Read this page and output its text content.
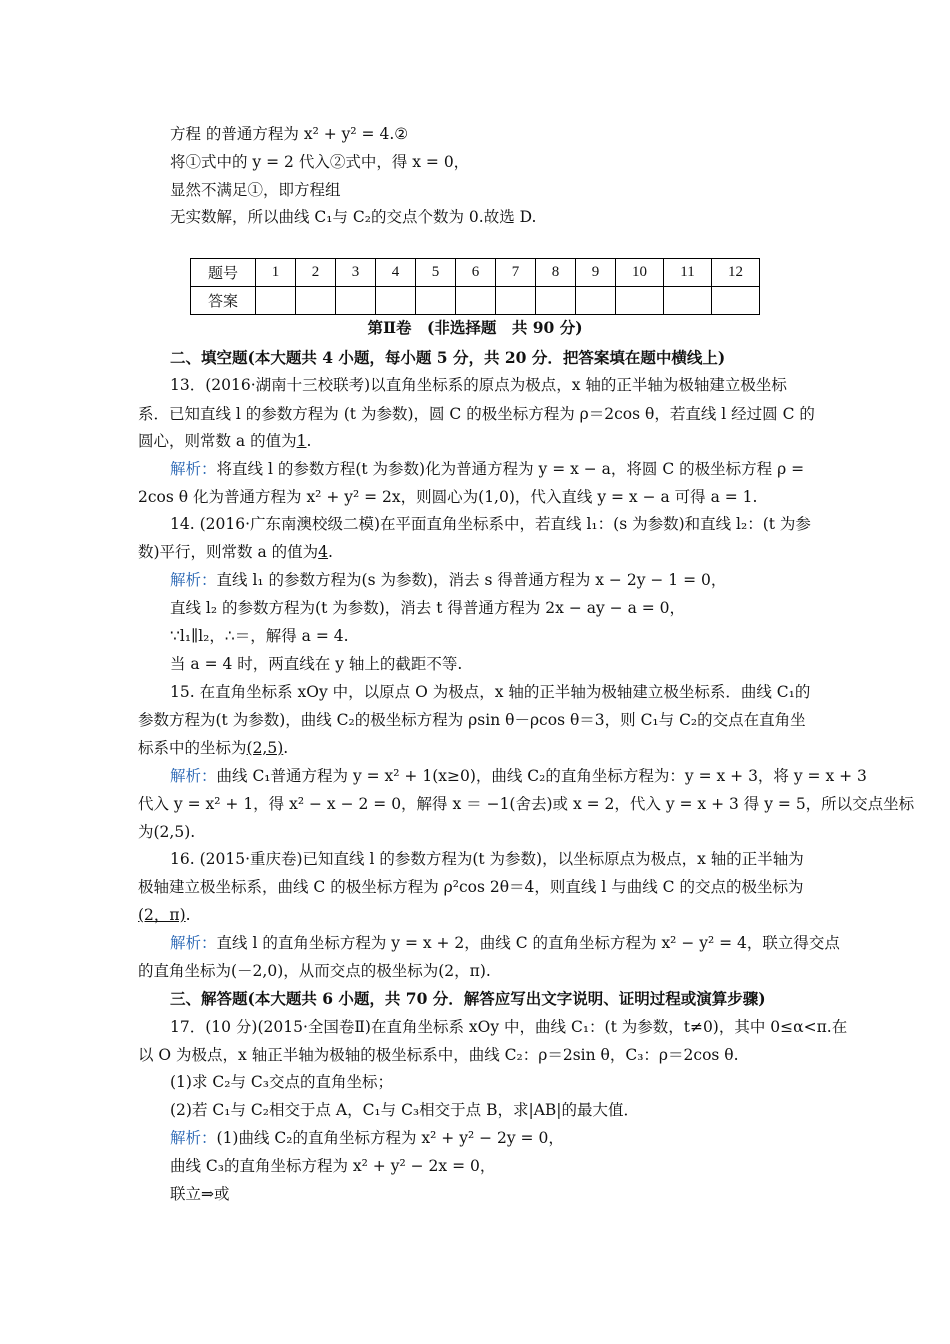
方程 的普通方程为 x² + y² = 4.②
将①式中的 y = 2 代入②式中，得 x = 0，
显然不满足①，即方程组
无实数解，所以曲线 C₁与 C₂的交点个数为 0.故选 D.
题号	1	2	3	4	5	6	7	8	9	10	11	12
答案												
第Ⅱ卷　(非选择题　共 90 分)
二、填空题(本大题共 4 小题，每小题 5 分，共 20 分．把答案填在题中横线上)
13．(2016·湖南十三校联考)以直角坐标系的原点为极点，x 轴的正半轴为极轴建立极坐标
系．已知直线 l 的参数方程为 (t 为参数)，圆 C 的极坐标方程为 ρ＝2cos θ，若直线 l 经过圆 C 的
圆心，则常数 a 的值为1.
解析：将直线 l 的参数方程(t 为参数)化为普通方程为 y = x − a，将圆 C 的极坐标方程 ρ =
2cos θ 化为普通方程为 x² + y² = 2x，则圆心为(1,0)，代入直线 y = x − a 可得 a = 1.
14. (2016·广东南澳校级二模)在平面直角坐标系中，若直线 l₁：(s 为参数)和直线 l₂：(t 为参
数)平行，则常数 a 的值为4.
解析：直线 l₁ 的参数方程为(s 为参数)，消去 s 得普通方程为 x − 2y − 1 = 0，
直线 l₂ 的参数方程为(t 为参数)，消去 t 得普通方程为 2x − ay − a = 0，
∵l₁∥l₂，∴＝，解得 a = 4.
当 a = 4 时，两直线在 y 轴上的截距不等.
15. 在直角坐标系 xOy 中，以原点 O 为极点，x 轴的正半轴为极轴建立极坐标系．曲线 C₁的
参数方程为(t 为参数)，曲线 C₂的极坐标方程为 ρsin θ－ρcos θ＝3，则 C₁与 C₂的交点在直角坐
标系中的坐标为(2,5).
解析：曲线 C₁普通方程为 y = x² + 1(x≥0)，曲线 C₂的直角坐标方程为：y = x + 3，将 y = x + 3
代入 y = x² + 1，得 x² − x − 2 = 0，解得 x ＝ −1(舍去)或 x = 2，代入 y = x + 3 得 y = 5，所以交点坐标
为(2,5).
16. (2015·重庆卷)已知直线 l 的参数方程为(t 为参数)，以坐标原点为极点，x 轴的正半轴为
极轴建立极坐标系，曲线 C 的极坐标方程为 ρ²cos 2θ＝4，则直线 l 与曲线 C 的交点的极坐标为
(2，π).
解析：直线 l 的直角坐标方程为 y = x + 2，曲线 C 的直角坐标方程为 x² − y² = 4，联立得交点
的直角坐标为(－2,0)，从而交点的极坐标为(2，π).
三、解答题(本大题共 6 小题，共 70 分．解答应写出文字说明、证明过程或演算步骤)
17．(10 分)(2015·全国卷Ⅱ)在直角坐标系 xOy 中，曲线 C₁：(t 为参数，t≠0)，其中 0≤α<π.在
以 O 为极点，x 轴正半轴为极轴的极坐标系中，曲线 C₂：ρ＝2sin θ，C₃：ρ＝2cos θ.
(1)求 C₂与 C₃交点的直角坐标；
(2)若 C₁与 C₂相交于点 A，C₁与 C₃相交于点 B，求|AB|的最大值．
解析：(1)曲线 C₂的直角坐标方程为 x² + y² − 2y = 0，
曲线 C₃的直角坐标方程为 x² + y² − 2x = 0，
联立⇒或
